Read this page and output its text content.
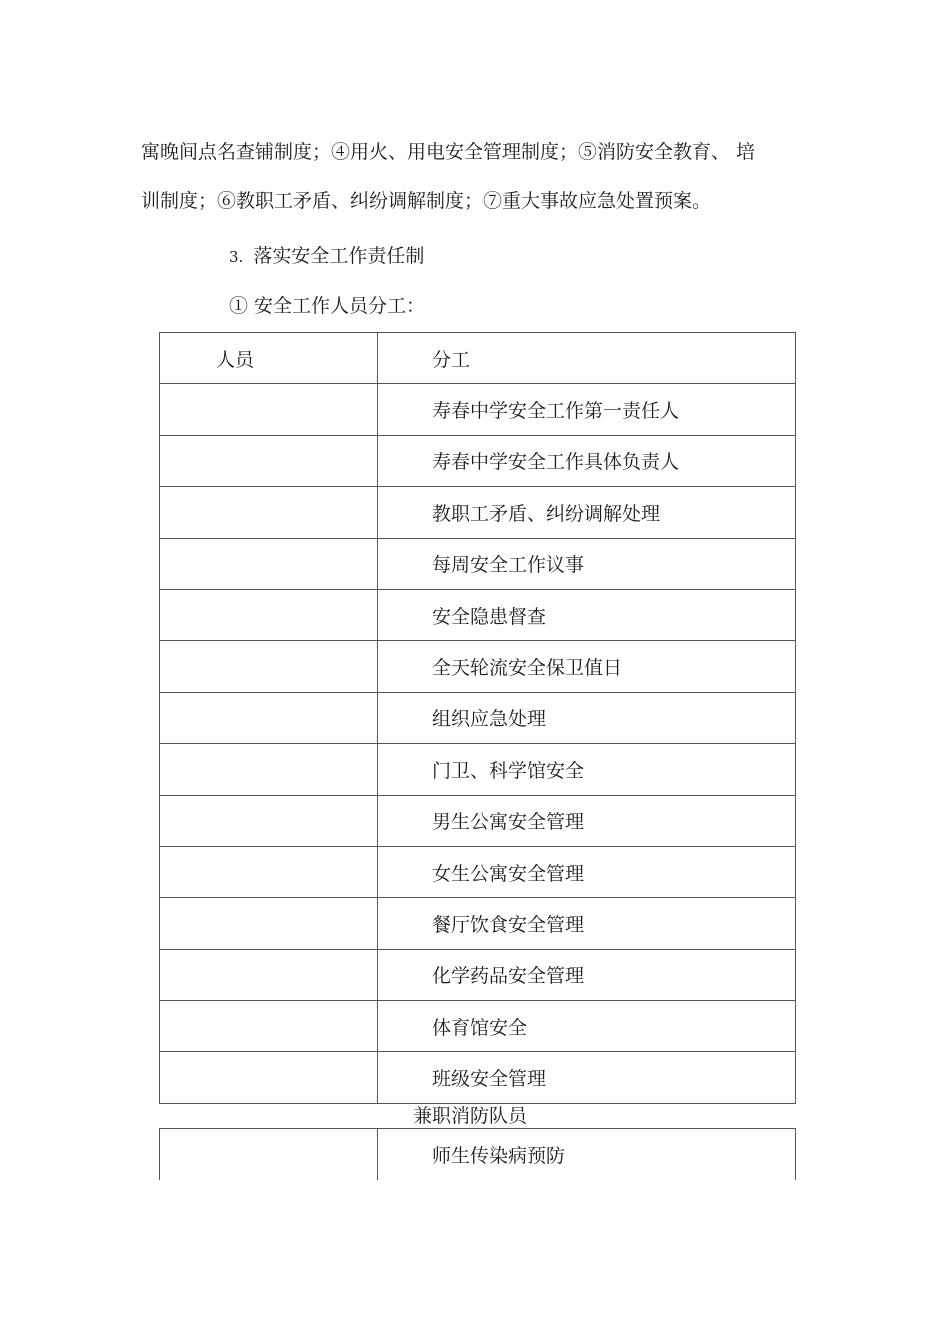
寓晚间点名查铺制度；④用火、用电安全管理制度；⑤消防安全教育、 培
训制度；⑥教职工矛盾、纠纷调解制度；⑦重大事故应急处置预案。
3. 落实安全工作责任制
① 安全工作人员分工：
人员	分工
	寿春中学安全工作第一责任人
	寿春中学安全工作具体负责人
	教职工矛盾、纠纷调解处理
	每周安全工作议事
	安全隐患督查
	全天轮流安全保卫值日
	组织应急处理
	门卫、科学馆安全
	男生公寓安全管理
	女生公寓安全管理
	餐厅饮食安全管理
	化学药品安全管理
	体育馆安全
	班级安全管理
兼职消防队员
	师生传染病预防
